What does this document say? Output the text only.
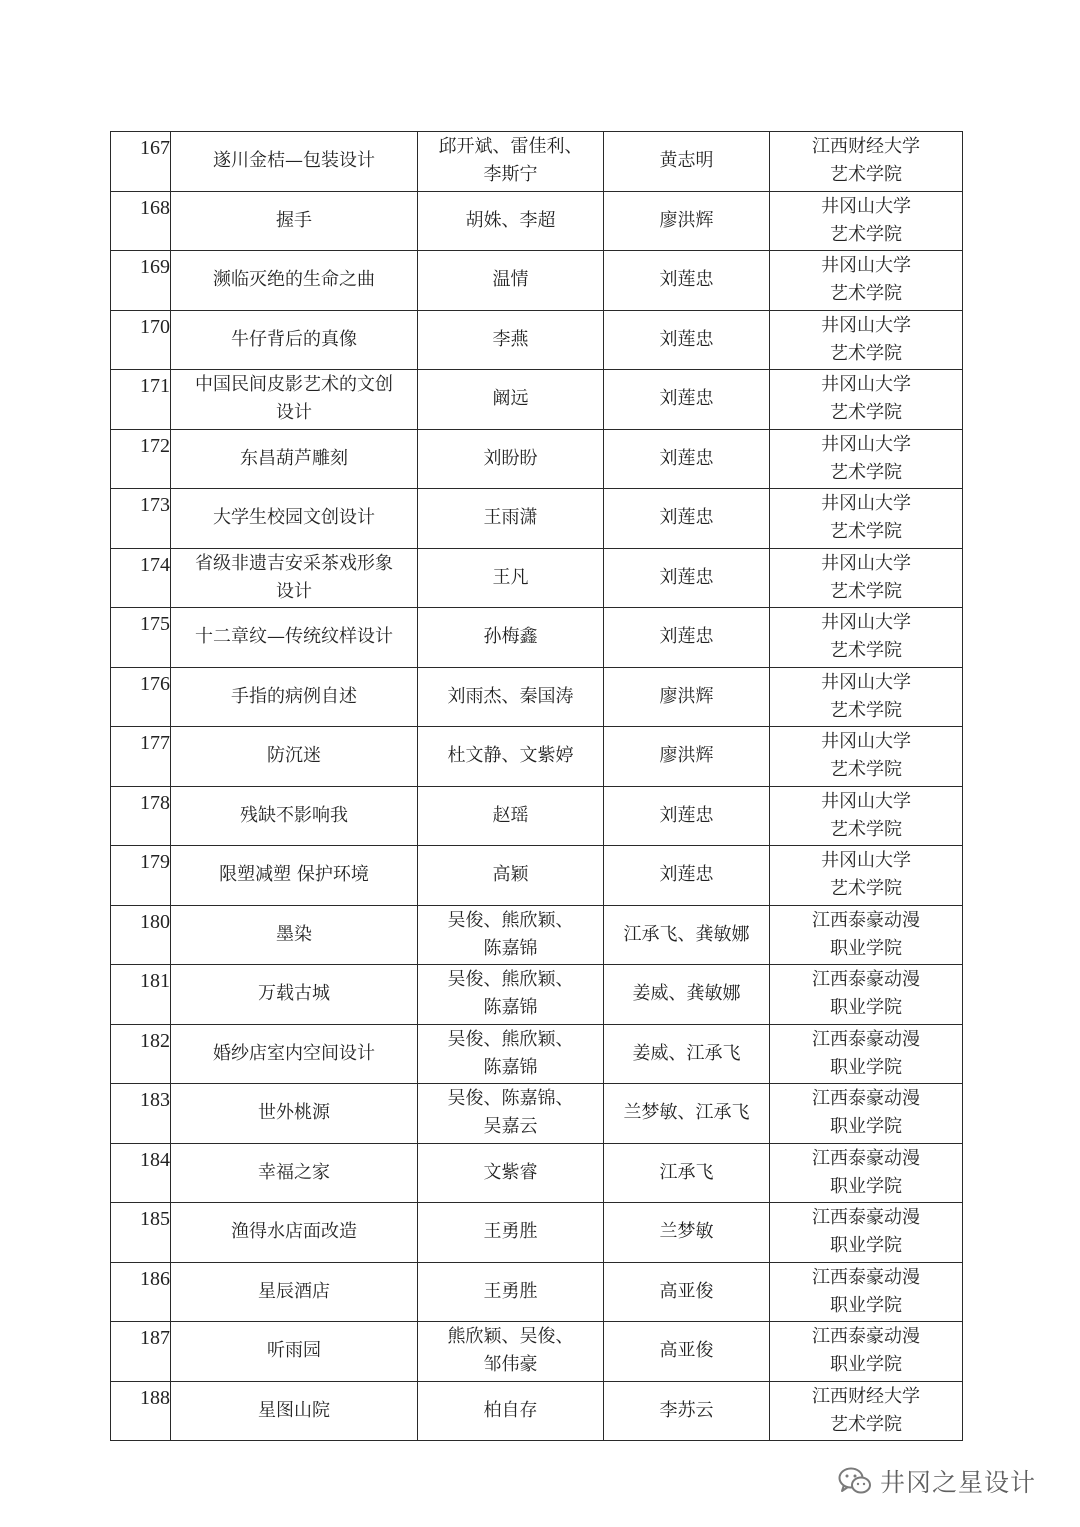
167	遂川金桔—包装设计	邱开斌、雷佳利、
李斯宁	黄志明	江西财经大学
艺术学院

168	握手	胡姝、李超	廖洪辉	井冈山大学
艺术学院

169	濒临灭绝的生命之曲	温情	刘莲忠	井冈山大学
艺术学院

170	牛仔背后的真像	李燕	刘莲忠	井冈山大学
艺术学院

171	中国民间皮影艺术的文创
设计	阚远	刘莲忠	井冈山大学
艺术学院

172	东昌葫芦雕刻	刘盼盼	刘莲忠	井冈山大学
艺术学院

173	大学生校园文创设计	王雨潇	刘莲忠	井冈山大学
艺术学院

174	省级非遗吉安采茶戏形象
设计	王凡	刘莲忠	井冈山大学
艺术学院

175	十二章纹—传统纹样设计	孙梅鑫	刘莲忠	井冈山大学
艺术学院

176	手指的病例自述	刘雨杰、秦国涛	廖洪辉	井冈山大学
艺术学院

177	防沉迷	杜文静、文紫婷	廖洪辉	井冈山大学
艺术学院

178	残缺不影响我	赵瑶	刘莲忠	井冈山大学
艺术学院

179	限塑减塑 保护环境	高颖	刘莲忠	井冈山大学
艺术学院

180	墨染	吴俊、熊欣颖、
陈嘉锦	江承飞、龚敏娜	江西泰豪动漫
职业学院

181	万载古城	吴俊、熊欣颖、
陈嘉锦	姜威、龚敏娜	江西泰豪动漫
职业学院

182	婚纱店室内空间设计	吴俊、熊欣颖、
陈嘉锦	姜威、江承飞	江西泰豪动漫
职业学院

183	世外桃源	吴俊、陈嘉锦、
吴嘉云	兰梦敏、江承飞	江西泰豪动漫
职业学院

184	幸福之家	文紫睿	江承飞	江西泰豪动漫
职业学院

185	渔得水店面改造	王勇胜	兰梦敏	江西泰豪动漫
职业学院

186	星辰酒店	王勇胜	高亚俊	江西泰豪动漫
职业学院

187	听雨园	熊欣颖、吴俊、
邹伟豪	高亚俊	江西泰豪动漫
职业学院

188	星图山院	柏自存	李苏云	江西财经大学
艺术学院
井冈之星设计
